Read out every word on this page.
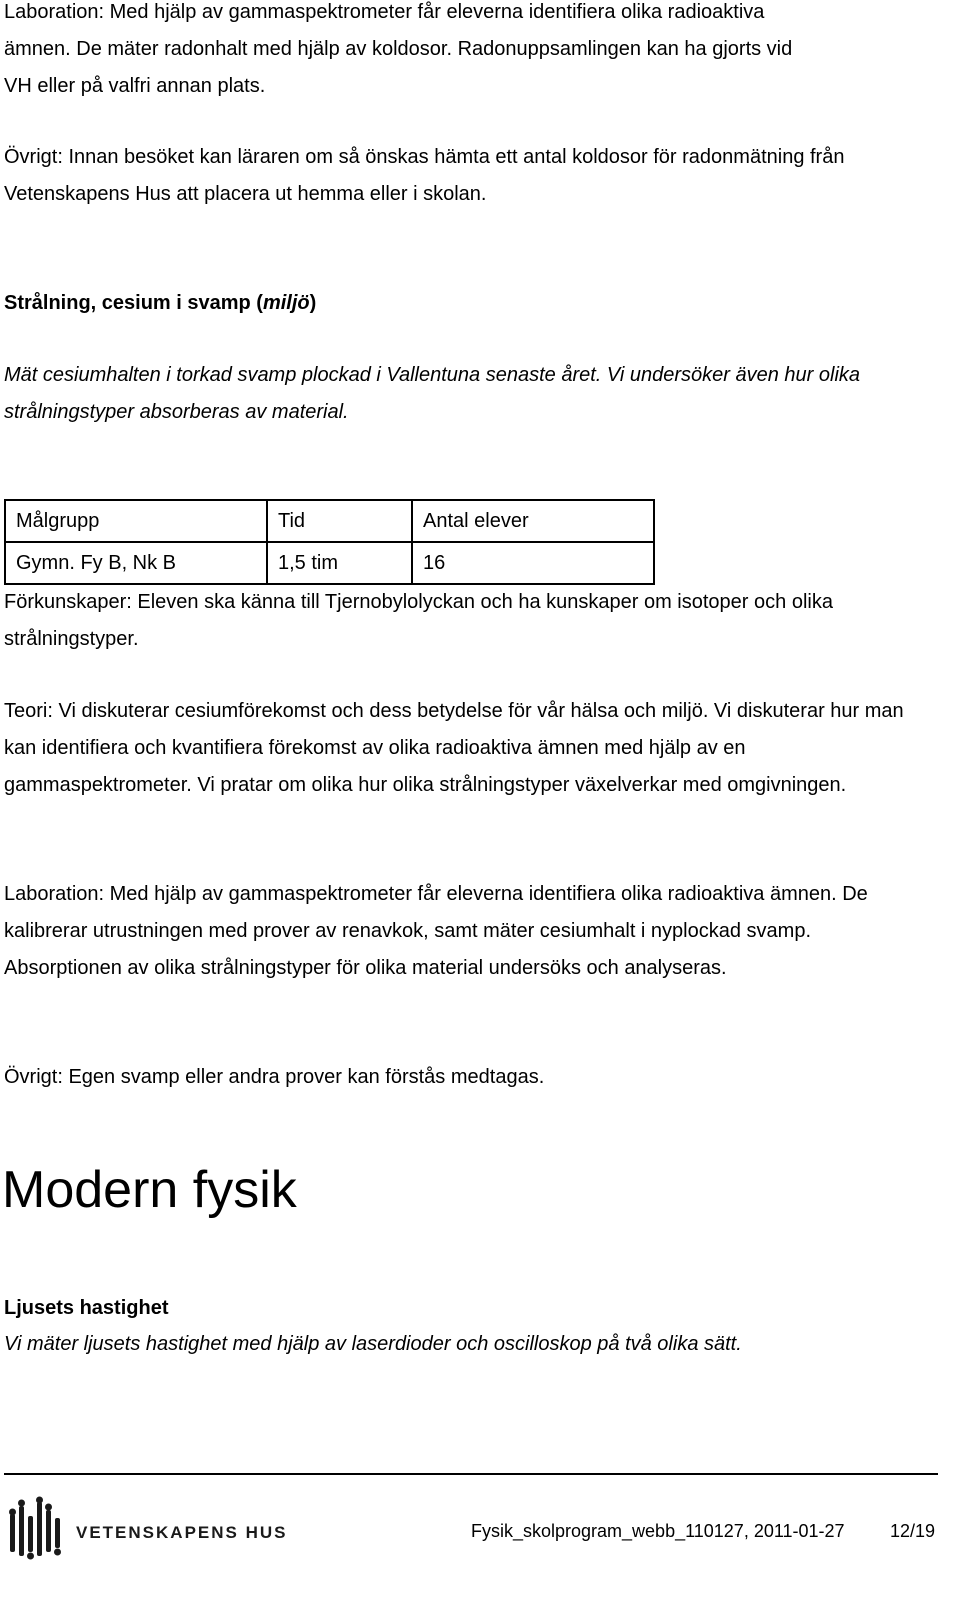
Laboration: Med hjälp av gammaspektrometer får eleverna identifiera olika radioaktiva
ämnen. De mäter radonhalt med hjälp av koldosor. Radonuppsamlingen kan ha gjorts vid
VH eller på valfri annan plats.

Övrigt: Innan besöket kan läraren om så önskas hämta ett antal koldosor för radonmätning från Vetenskapens Hus att placera ut hemma eller i skolan.

Strålning, cesium i svamp (miljö)

Mät cesiumhalten i torkad svamp plockad i Vallentuna senaste året. Vi undersöker även hur olika strålningstyper absorberas av material.

Målgrupp	Tid	Antal elever
Gymn. Fy B, Nk B	1,5 tim	16

Förkunskaper: Eleven ska känna till Tjernobylolyckan och ha kunskaper om isotoper och olika strålningstyper.

Teori: Vi diskuterar cesiumförekomst och dess betydelse för vår hälsa och miljö. Vi diskuterar hur man kan identifiera och kvantifiera förekomst av olika radioaktiva ämnen med hjälp av en gammaspektrometer. Vi pratar om olika hur olika strålningstyper växelverkar med omgivningen.

Laboration: Med hjälp av gammaspektrometer får eleverna identifiera olika radioaktiva ämnen. De kalibrerar utrustningen med prover av renavkok, samt mäter cesiumhalt i nyplockad svamp. Absorptionen av olika strålningstyper för olika material undersöks och analyseras.

Övrigt: Egen svamp eller andra prover kan förstås medtagas.

Modern fysik

Ljusets hastighet

Vi mäter ljusets hastighet med hjälp av laserdioder och oscilloskop på två olika sätt.

VETENSKAPENS HUS	Fysik_skolprogram_webb_110127, 2011-01-27	12/19
